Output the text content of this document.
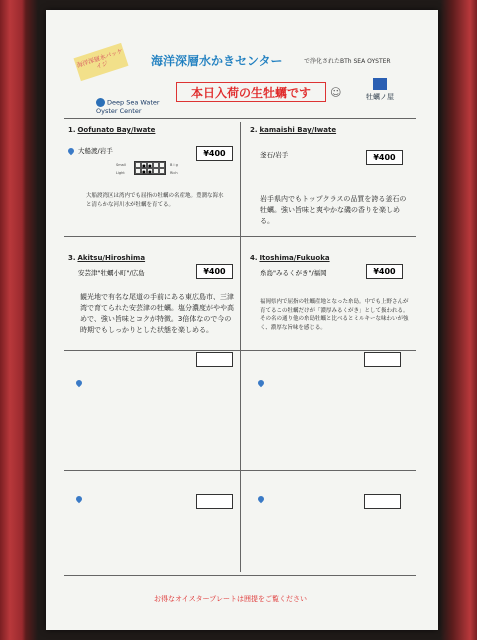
海洋深層水パッケイジ	海洋深層水かきセンター	で浄化されたBTh SEA OYSTER
Deep Sea Water
Oyster Center
本日入荷の生牡蠣です	☺	牡蠣ノ屋
1. Oofunato Bay/Iwate
大船渡/岩手	¥400
Small
Light
● ●
● ●
B i g
Rich
大船渡湾区は湾内でも屈指の牡蠣の名産地。豊潤な海水と清らかな河川水が牡蠣を育てる。
2. kamaishi Bay/Iwate
釜石/岩手	¥400
岩手県内でもトップクラスの品質を誇る釜石の牡蠣。強い旨味と爽やかな磯の香りを楽しめる。
3. Akitsu/Hiroshima
安芸津"牡蠣小町"/広島	¥400
観光地で有名な尾道の手前にある東広島市、三津湾で育てられた安芸津の牡蠣。塩分濃度がやや高めで、強い旨味とコクが特徴。3倍体なので今の時期でもしっかりとした状態を楽しめる。
4. Itoshima/Fukuoka
糸島"みるくがき"/福岡	¥400
福岡県内で屈指の牡蠣産地となった糸島。中でも上野さんが育てるこの牡蠣だけが「濃厚みるくがき」として扱われる。その名の通り他の糸島牡蠣と比べるとミルキーな味わいが強く、濃厚な旨味を感じる。
お得なオイスタープレートは囲提をご覧ください
